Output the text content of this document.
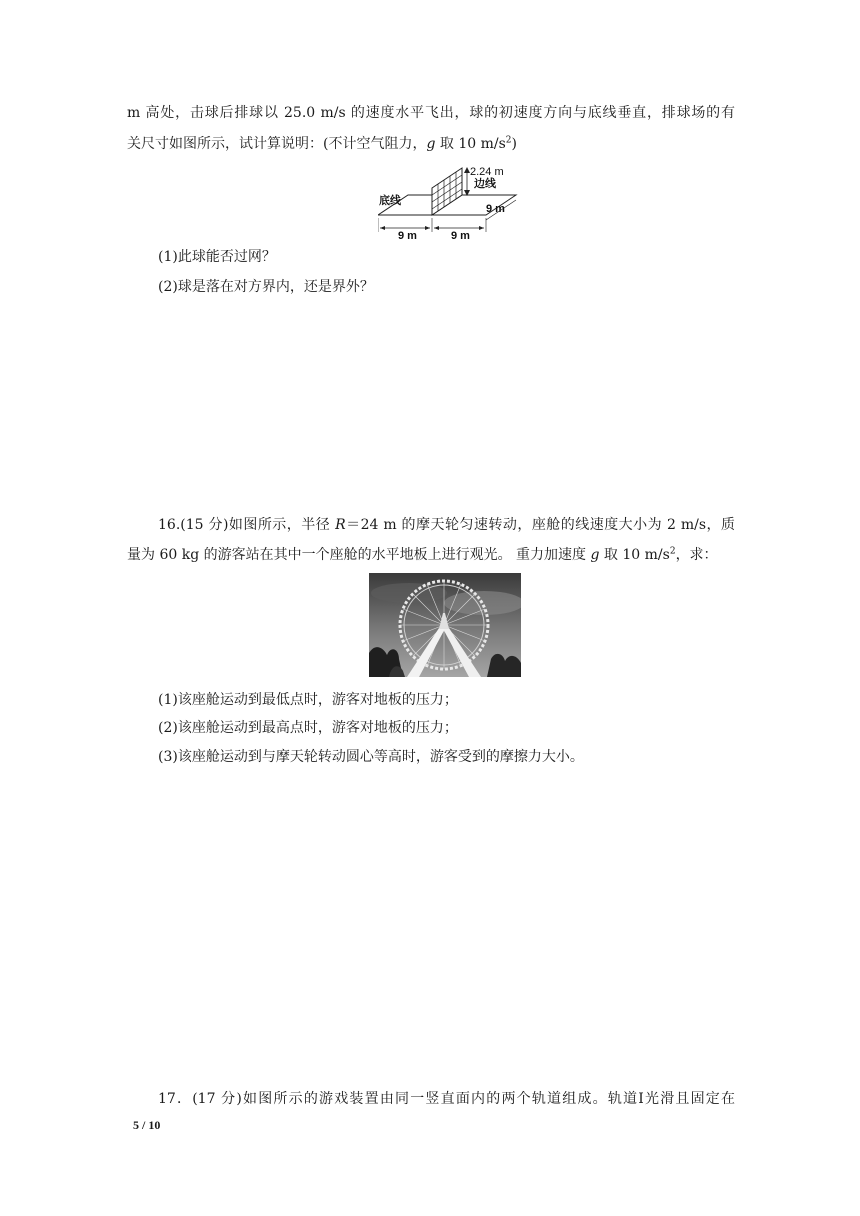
m 高处，击球后排球以 25.0 m/s 的速度水平飞出，球的初速度方向与底线垂直，排球场的有
关尺寸如图所示，试计算说明：(不计空气阻力，g 取 10 $m/s^2$)
2.24 m
边线
底线
9 m
9 m	9 m
(1)此球能否过网？
(2)球是落在对方界内，还是界外？
16.(15 分)如图所示，半径 R＝24 m 的摩天轮匀速转动，座舱的线速度大小为 2 m/s，质
量为 60 kg 的游客站在其中一个座舱的水平地板上进行观光。 重力加速度 g 取 10 $m/s^2$，求：
(1)该座舱运动到最低点时，游客对地板的压力；
(2)该座舱运动到最高点时，游客对地板的压力；
(3)该座舱运动到与摩天轮转动圆心等高时，游客受到的摩擦力大小。
17．(17 分)如图所示的游戏装置由同一竖直面内的两个轨道组成。轨道Ⅰ光滑且固定在
5 / 10
